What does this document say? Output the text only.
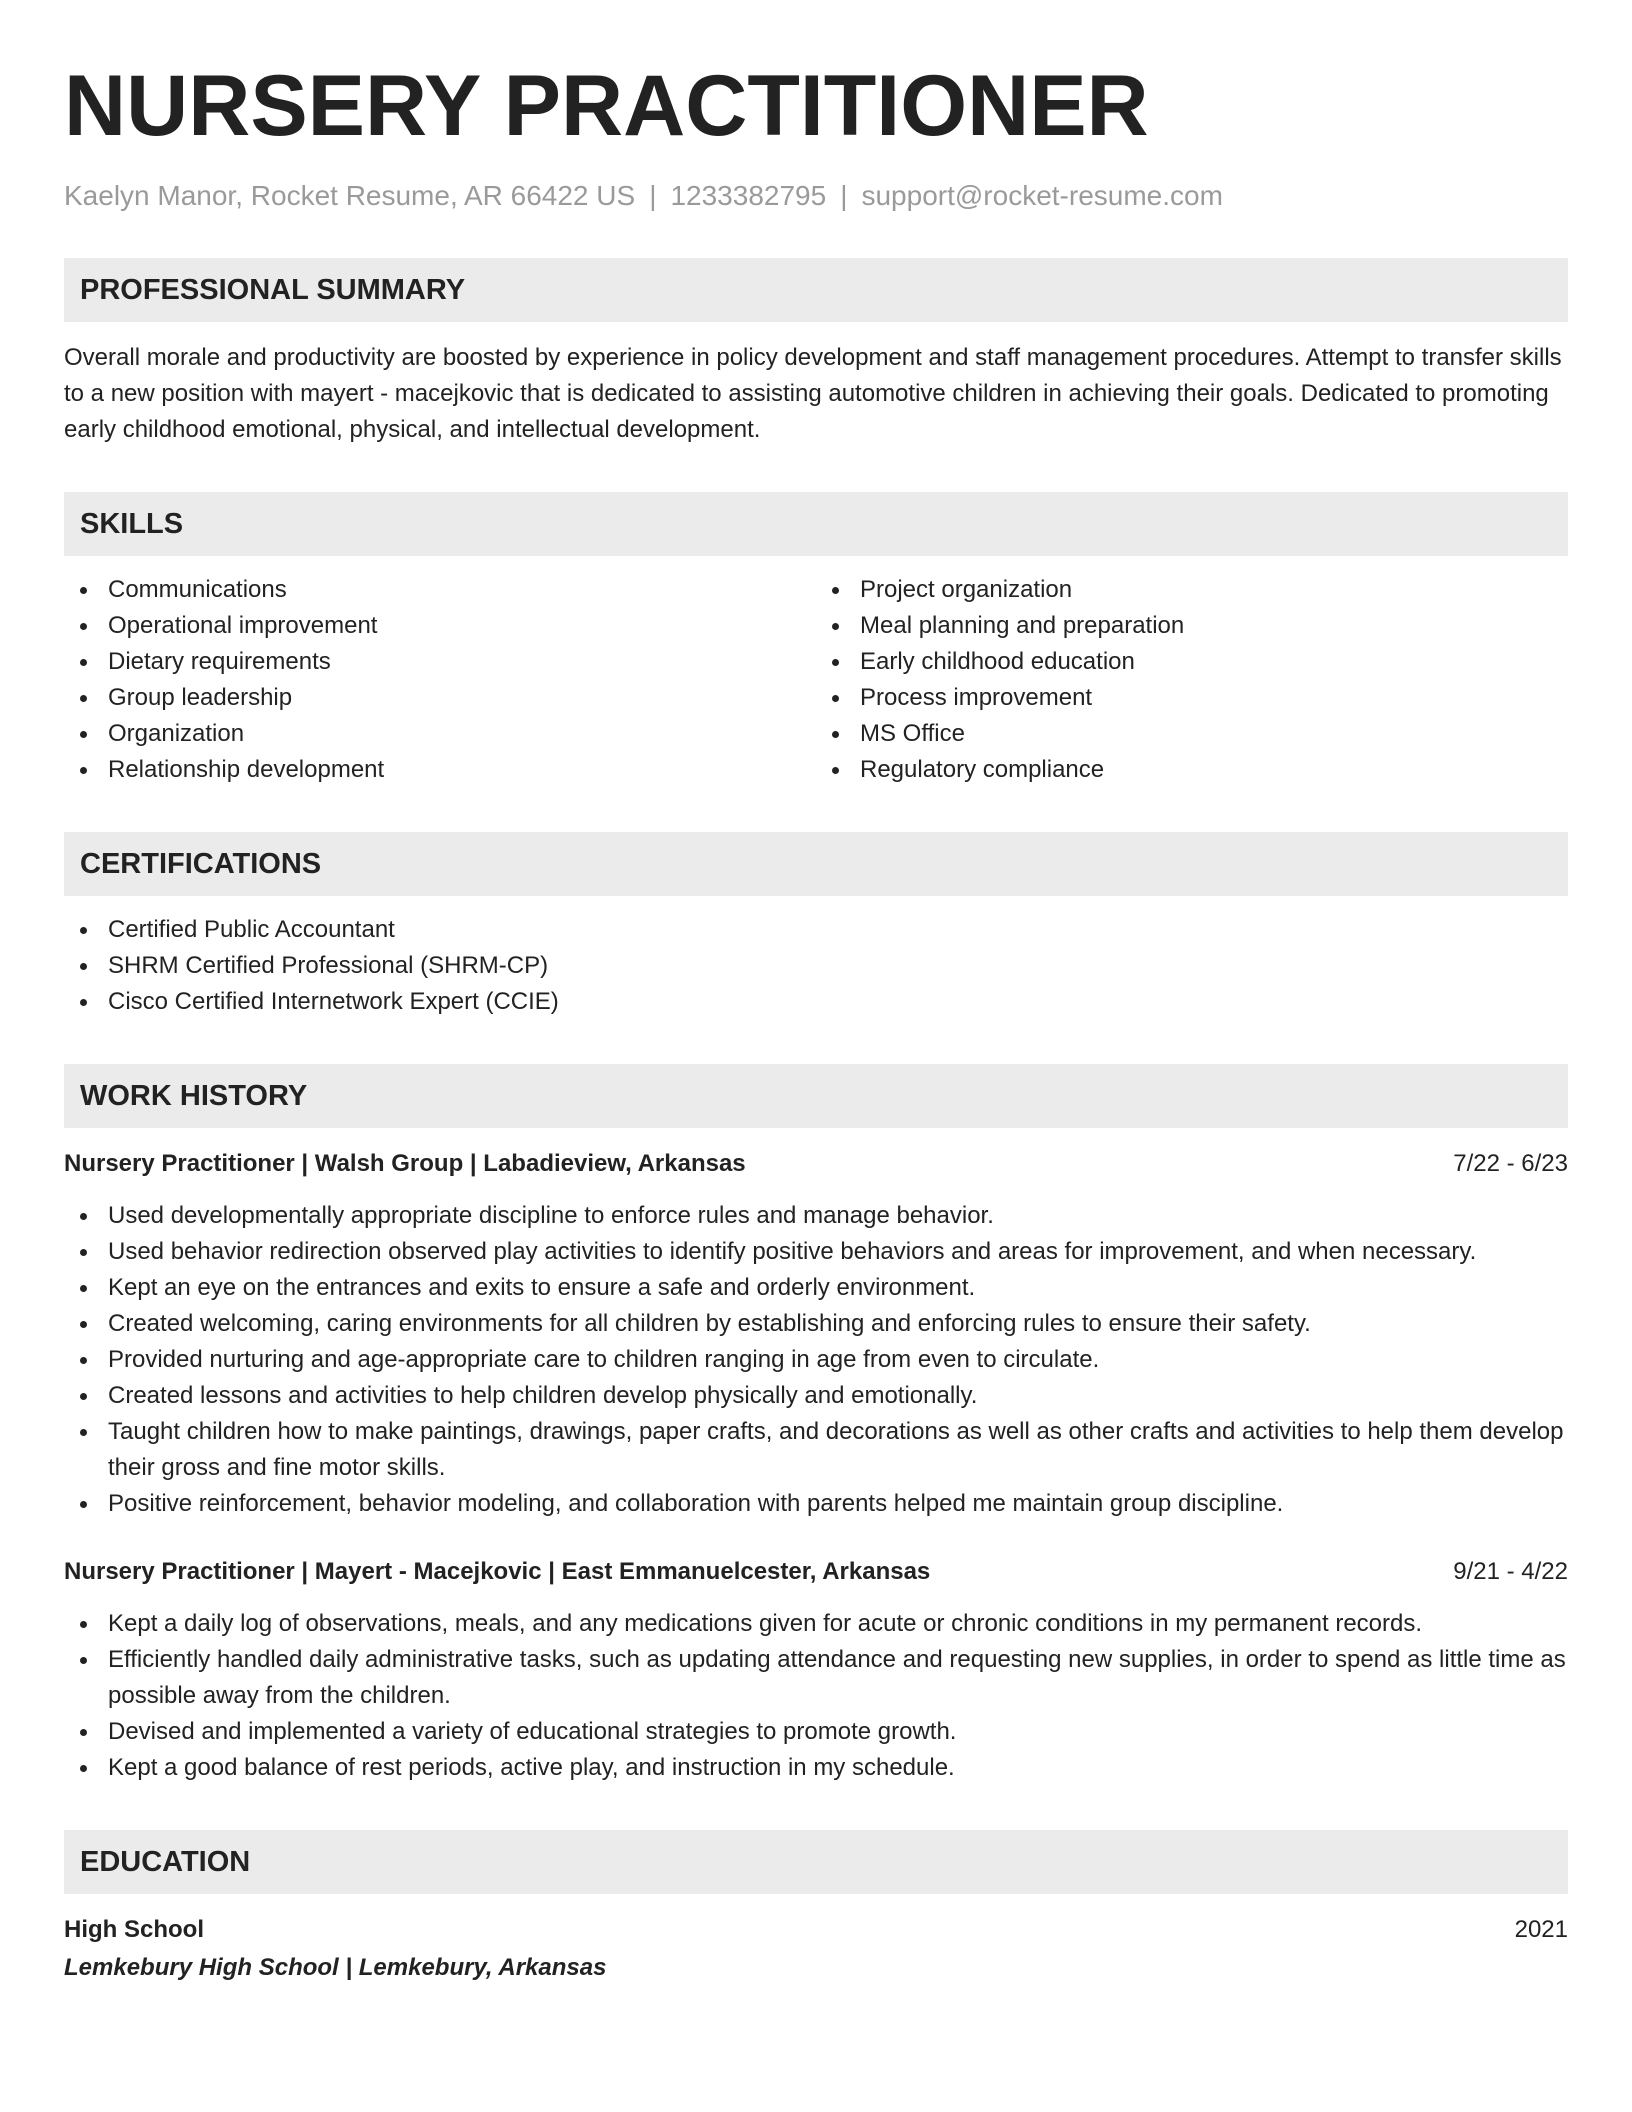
NURSERY PRACTITIONER
Kaelyn Manor, Rocket Resume, AR 66422 US | 1233382795 | support@rocket-resume.com
PROFESSIONAL SUMMARY

Overall morale and productivity are boosted by experience in policy development and staff management procedures. Attempt to transfer skills to a new position with mayert - macejkovic that is dedicated to assisting automotive children in achieving their goals. Dedicated to promoting early childhood emotional, physical, and intellectual development.

SKILLS
Communications
Operational improvement
Dietary requirements
Group leadership
Organization
Relationship development
Project organization
Meal planning and preparation
Early childhood education
Process improvement
MS Office
Regulatory compliance
CERTIFICATIONS
Certified Public Accountant
SHRM Certified Professional (SHRM-CP)
Cisco Certified Internetwork Expert (CCIE)
WORK HISTORY
Nursery Practitioner | Walsh Group | Labadieview, Arkansas	7/22 - 6/23
Used developmentally appropriate discipline to enforce rules and manage behavior.
Used behavior redirection observed play activities to identify positive behaviors and areas for improvement, and when necessary.
Kept an eye on the entrances and exits to ensure a safe and orderly environment.
Created welcoming, caring environments for all children by establishing and enforcing rules to ensure their safety.
Provided nurturing and age-appropriate care to children ranging in age from even to circulate.
Created lessons and activities to help children develop physically and emotionally.
Taught children how to make paintings, drawings, paper crafts, and decorations as well as other crafts and activities to help them develop their gross and fine motor skills.
Positive reinforcement, behavior modeling, and collaboration with parents helped me maintain group discipline.
Nursery Practitioner | Mayert - Macejkovic | East Emmanuelcester, Arkansas	9/21 - 4/22
Kept a daily log of observations, meals, and any medications given for acute or chronic conditions in my permanent records.
Efficiently handled daily administrative tasks, such as updating attendance and requesting new supplies, in order to spend as little time as possible away from the children.
Devised and implemented a variety of educational strategies to promote growth.
Kept a good balance of rest periods, active play, and instruction in my schedule.
EDUCATION
High School	2021
Lemkebury High School | Lemkebury, Arkansas
